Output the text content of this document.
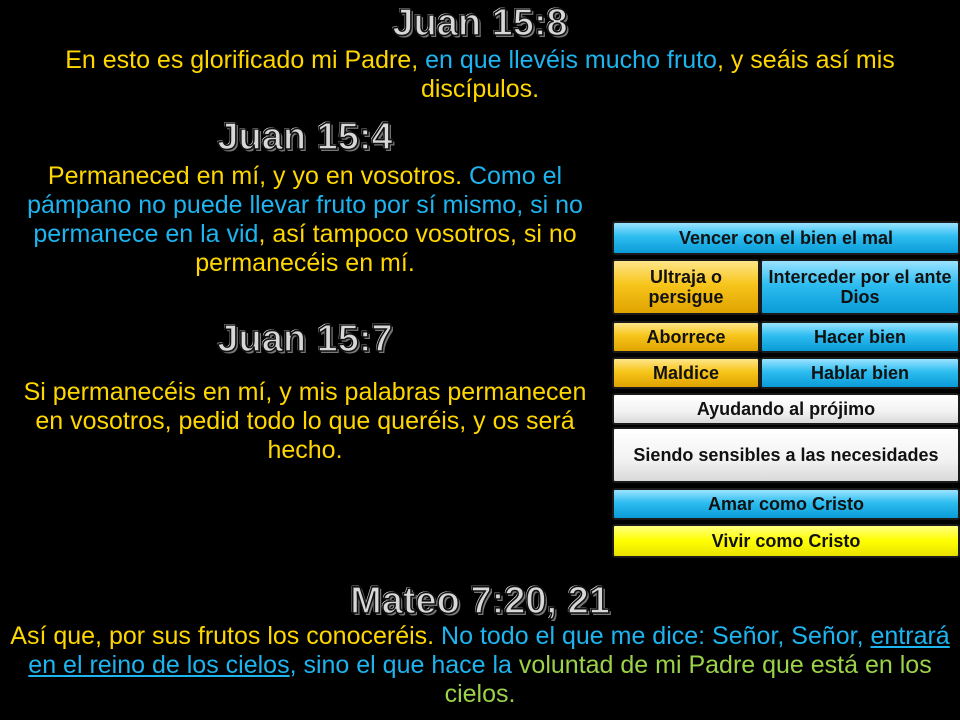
Juan 15:8
En esto es glorificado mi Padre, en que llevéis mucho fruto, y seáis así mis discípulos.
Juan 15:4
Permaneced en mí, y yo en vosotros. Como el pámpano no puede llevar fruto por sí mismo, si no permanece en la vid, así tampoco vosotros, si no permanecéis en mí.
Juan 15:7
Si permanecéis en mí, y mis palabras permanecen en vosotros, pedid todo lo que queréis, y os será hecho.
Vencer con el bien el mal
Ultraja o persigue
Interceder por el ante Dios
Aborrece	Hacer bien
Maldice	Hablar bien
Ayudando al prójimo
Siendo sensibles a las necesidades
Amar como Cristo
Vivir como Cristo
Mateo 7:20, 21
Así que, por sus frutos los conoceréis. No todo el que me dice: Señor, Señor, entrará en el reino de los cielos, sino el que hace la voluntad de mi Padre que está en los cielos.
